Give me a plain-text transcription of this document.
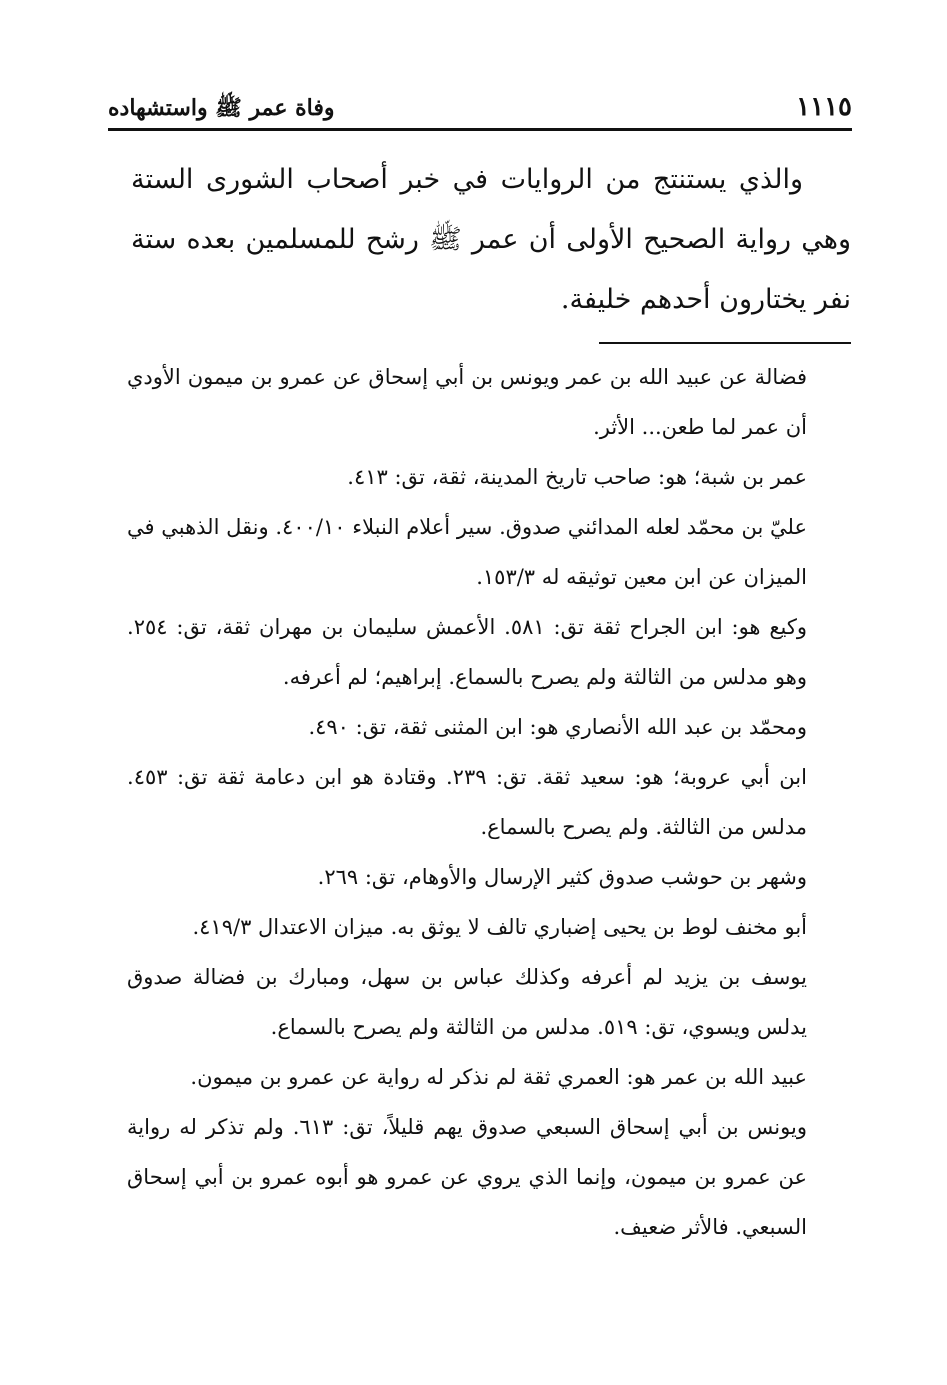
١١١٥
وفاة عمر ﷺ واستشهاده

والذي يستنتج من الروايات في خبر أصحاب الشورى الستة وهي رواية الصحيح الأولى أن عمر ﷺ رشح للمسلمين بعده ستة نفر يختارون أحدهم خليفة.

فضالة عن عبيد الله بن عمر ويونس بن أبي إسحاق عن عمرو بن ميمون الأودي أن عمر لما طعن... الأثر.

عمر بن شبة؛ هو: صاحب تاريخ المدينة، ثقة، تق: ٤١٣.

عليّ بن محمّد لعله المدائني صدوق. سير أعلام النبلاء ٤٠٠/١٠. ونقل الذهبي في الميزان عن ابن معين توثيقه له ١٥٣/٣.

وكيع هو: ابن الجراح ثقة تق: ٥٨١. الأعمش سليمان بن مهران ثقة، تق: ٢٥٤. وهو مدلس من الثالثة ولم يصرح بالسماع. إبراهيم؛ لم أعرفه.

ومحمّد بن عبد الله الأنصاري هو: ابن المثنى ثقة، تق: ٤٩٠.

ابن أبي عروبة؛ هو: سعيد ثقة. تق: ٢٣٩. وقتادة هو ابن دعامة ثقة تق: ٤٥٣. مدلس من الثالثة. ولم يصرح بالسماع.

وشهر بن حوشب صدوق كثير الإرسال والأوهام، تق: ٢٦٩.

أبو مخنف لوط بن يحيى إضباري تالف لا يوثق به. ميزان الاعتدال ٤١٩/٣.

يوسف بن يزيد لم أعرفه وكذلك عباس بن سهل، ومبارك بن فضالة صدوق يدلس ويسوي، تق: ٥١٩. مدلس من الثالثة ولم يصرح بالسماع.

عبيد الله بن عمر هو: العمري ثقة لم نذكر له رواية عن عمرو بن ميمون.

ويونس بن أبي إسحاق السبعي صدوق يهم قليلاً، تق: ٦١٣. ولم تذكر له رواية عن عمرو بن ميمون، وإنما الذي يروي عن عمرو هو أبوه عمرو بن أبي إسحاق السبعي. فالأثر ضعيف.
